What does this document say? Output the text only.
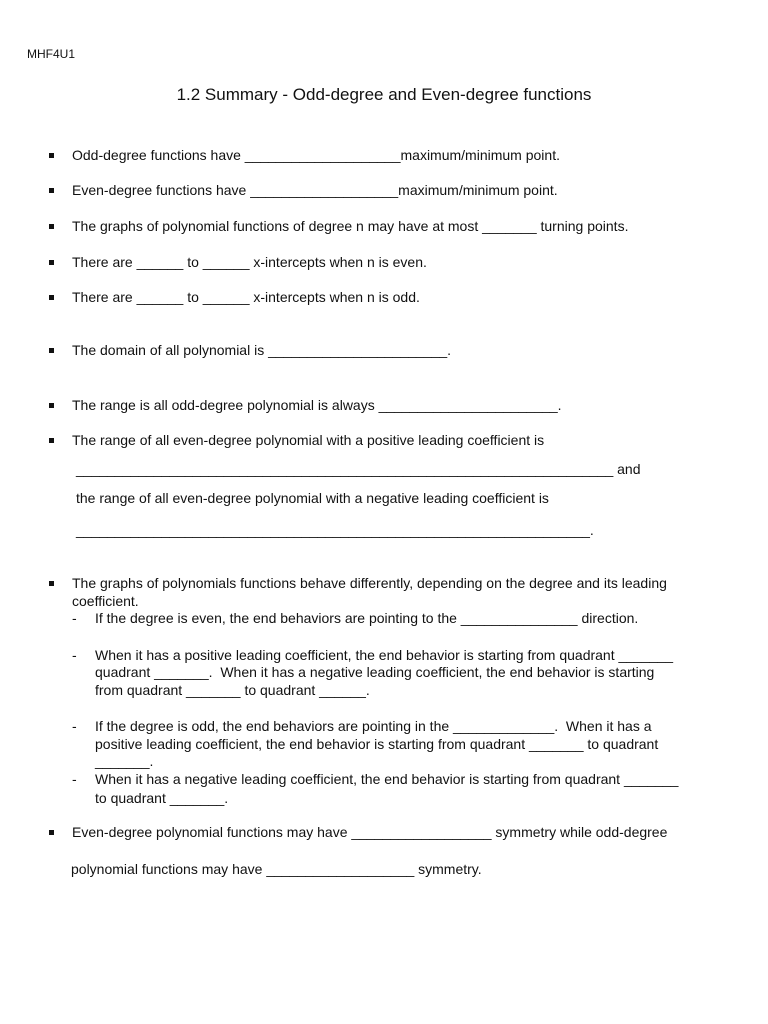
MHF4U1
1.2 Summary - Odd-degree and Even-degree functions
Odd-degree functions have ____________________maximum/minimum point.
Even-degree functions have ___________________maximum/minimum point.
The graphs of polynomial functions of degree n may have at most _______ turning points.
There are ______ to ______ x-intercepts when n is even.
There are ______ to ______ x-intercepts when n is odd.
The domain of all polynomial is _______________________.
The range is all odd-degree polynomial is always _______________________.
The range of all even-degree polynomial with a positive leading coefficient is
_____________________________________________________________________ and
the range of all even-degree polynomial with a negative leading coefficient is
__________________________________________________________________.
The graphs of polynomials functions behave differently, depending on the degree and its leading
coefficient.
- If the degree is even, the end behaviors are pointing to the _______________ direction.
- When it has a positive leading coefficient, the end behavior is starting from quadrant _______
quadrant _______.  When it has a negative leading coefficient, the end behavior is starting
from quadrant _______ to quadrant ______.
- If the degree is odd, the end behaviors are pointing in the _____________.  When it has a
positive leading coefficient, the end behavior is starting from quadrant _______ to quadrant
_______.
- When it has a negative leading coefficient, the end behavior is starting from quadrant _______
to quadrant _______.
Even-degree polynomial functions may have __________________ symmetry while odd-degree
polynomial functions may have ___________________ symmetry.
